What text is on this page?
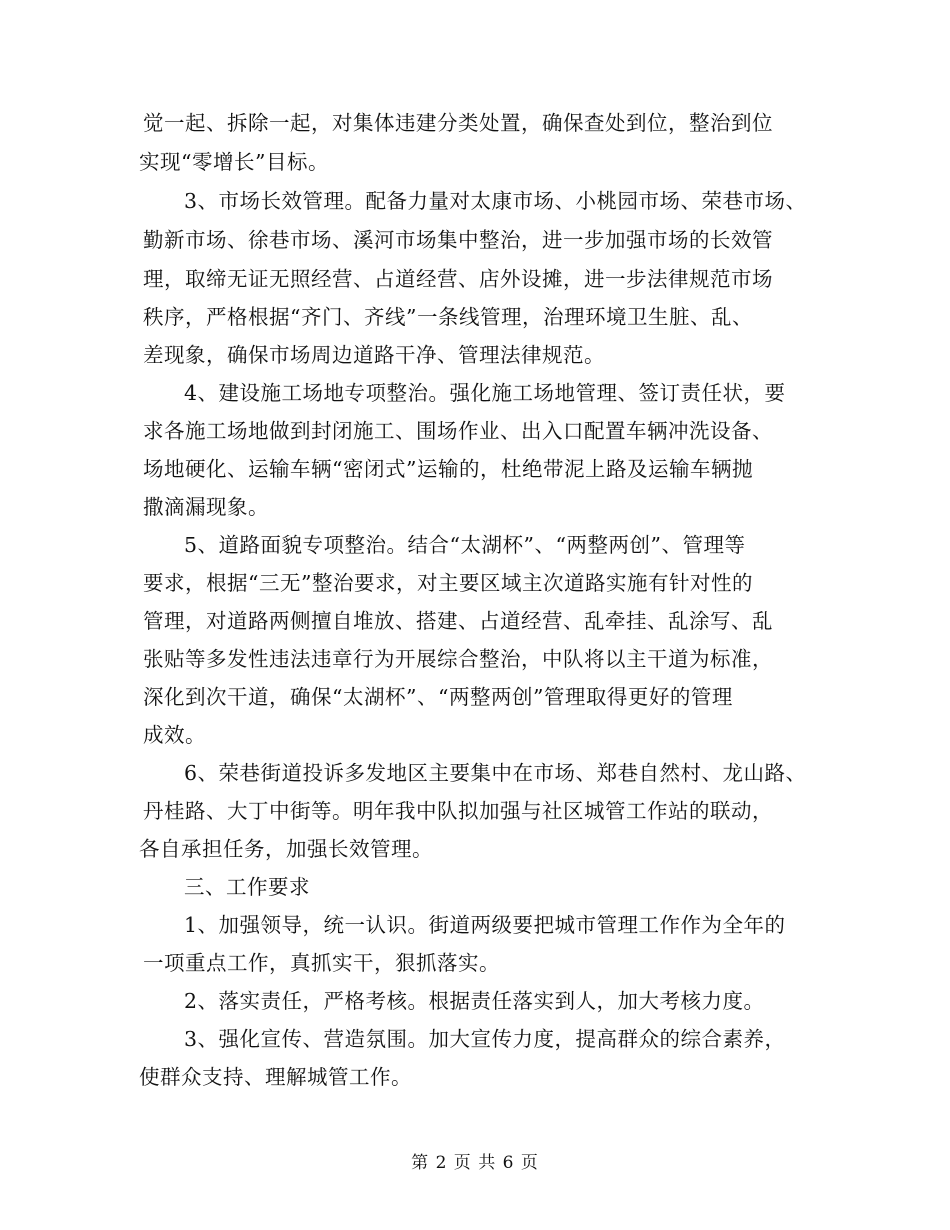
觉一起、拆除一起，对集体违建分类处置，确保查处到位，整治到位
实现“零增长”目标。
3、市场长效管理。配备力量对太康市场、小桃园市场、荣巷市场、
勤新市场、徐巷市场、溪河市场集中整治，进一步加强市场的长效管
理，取缔无证无照经营、占道经营、店外设摊，进一步法律规范市场
秩序，严格根据“齐门、齐线”一条线管理，治理环境卫生脏、乱、
差现象，确保市场周边道路干净、管理法律规范。
4、建设施工场地专项整治。强化施工场地管理、签订责任状，要
求各施工场地做到封闭施工、围场作业、出入口配置车辆冲洗设备、
场地硬化、运输车辆“密闭式”运输的，杜绝带泥上路及运输车辆抛
撒滴漏现象。
5、道路面貌专项整治。结合“太湖杯”、“两整两创”、管理等
要求，根据“三无”整治要求，对主要区域主次道路实施有针对性的
管理，对道路两侧擅自堆放、搭建、占道经营、乱牵挂、乱涂写、乱
张贴等多发性违法违章行为开展综合整治，中队将以主干道为标准，
深化到次干道，确保“太湖杯”、“两整两创”管理取得更好的管理
成效。
6、荣巷街道投诉多发地区主要集中在市场、郑巷自然村、龙山路、
丹桂路、大丁中街等。明年我中队拟加强与社区城管工作站的联动，
各自承担任务，加强长效管理。
三、工作要求
1、加强领导，统一认识。街道两级要把城市管理工作作为全年的
一项重点工作，真抓实干，狠抓落实。
2、落实责任，严格考核。根据责任落实到人，加大考核力度。
3、强化宣传、营造氛围。加大宣传力度，提高群众的综合素养，
使群众支持、理解城管工作。
第 2 页 共 6 页
